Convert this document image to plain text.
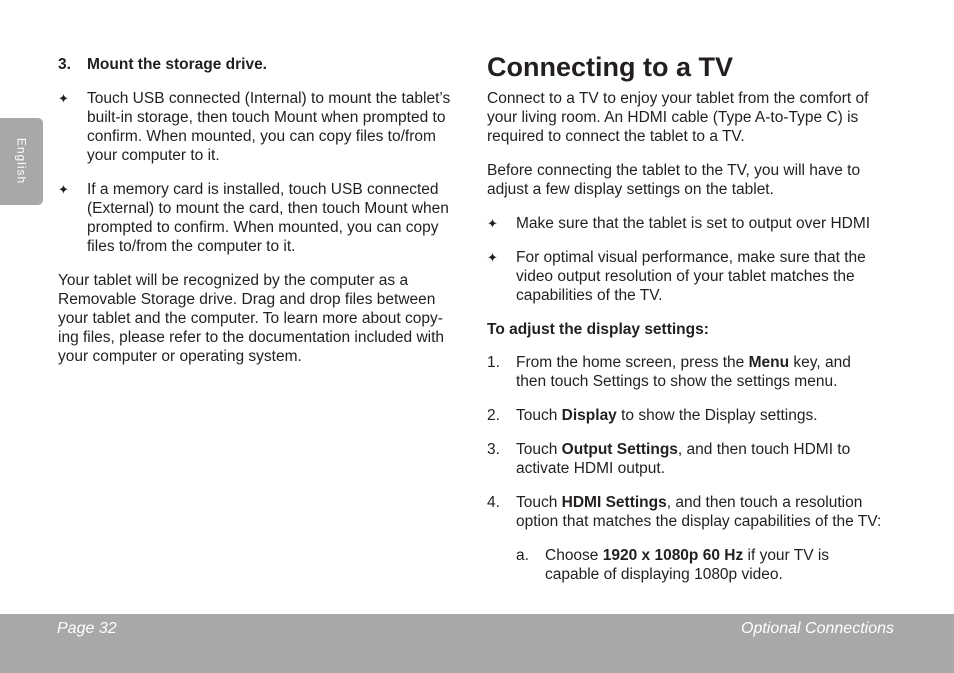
English

3. Mount the storage drive.

✦ Touch USB connected (Internal) to mount the tablet’s
built-in storage, then touch Mount when prompted to
confirm. When mounted, you can copy files to/from
your computer to it.
✦ If a memory card is installed, touch USB connected
(External) to mount the card, then touch Mount when
prompted to confirm. When mounted, you can copy
files to/from the computer to it.
Your tablet will be recognized by the computer as a
Removable Storage drive. Drag and drop files between
your tablet and the computer. To learn more about copy-
ing files, please refer to the documentation included with
your computer or operating system.
Connecting to a TV
Connect to a TV to enjoy your tablet from the comfort of
your living room. An HDMI cable (Type A-to-Type C) is
required to connect the tablet to a TV.
Before connecting the tablet to the TV, you will have to
adjust a few display settings on the tablet.
✦ Make sure that the tablet is set to output over HDMI
✦ For optimal visual performance, make sure that the
video output resolution of your tablet matches the
capabilities of the TV.

To adjust the display settings:

1. From the home screen, press the Menu key, and
then touch Settings to show the settings menu.
2. Touch Display to show the Display settings.
3. Touch Output Settings, and then touch HDMI to
activate HDMI output.
4. Touch HDMI Settings, and then touch a resolution
option that matches the display capabilities of the TV:
a. Choose 1920 x 1080p 60 Hz if your TV is
capable of displaying 1080p video.
Page 32	Optional Connections
